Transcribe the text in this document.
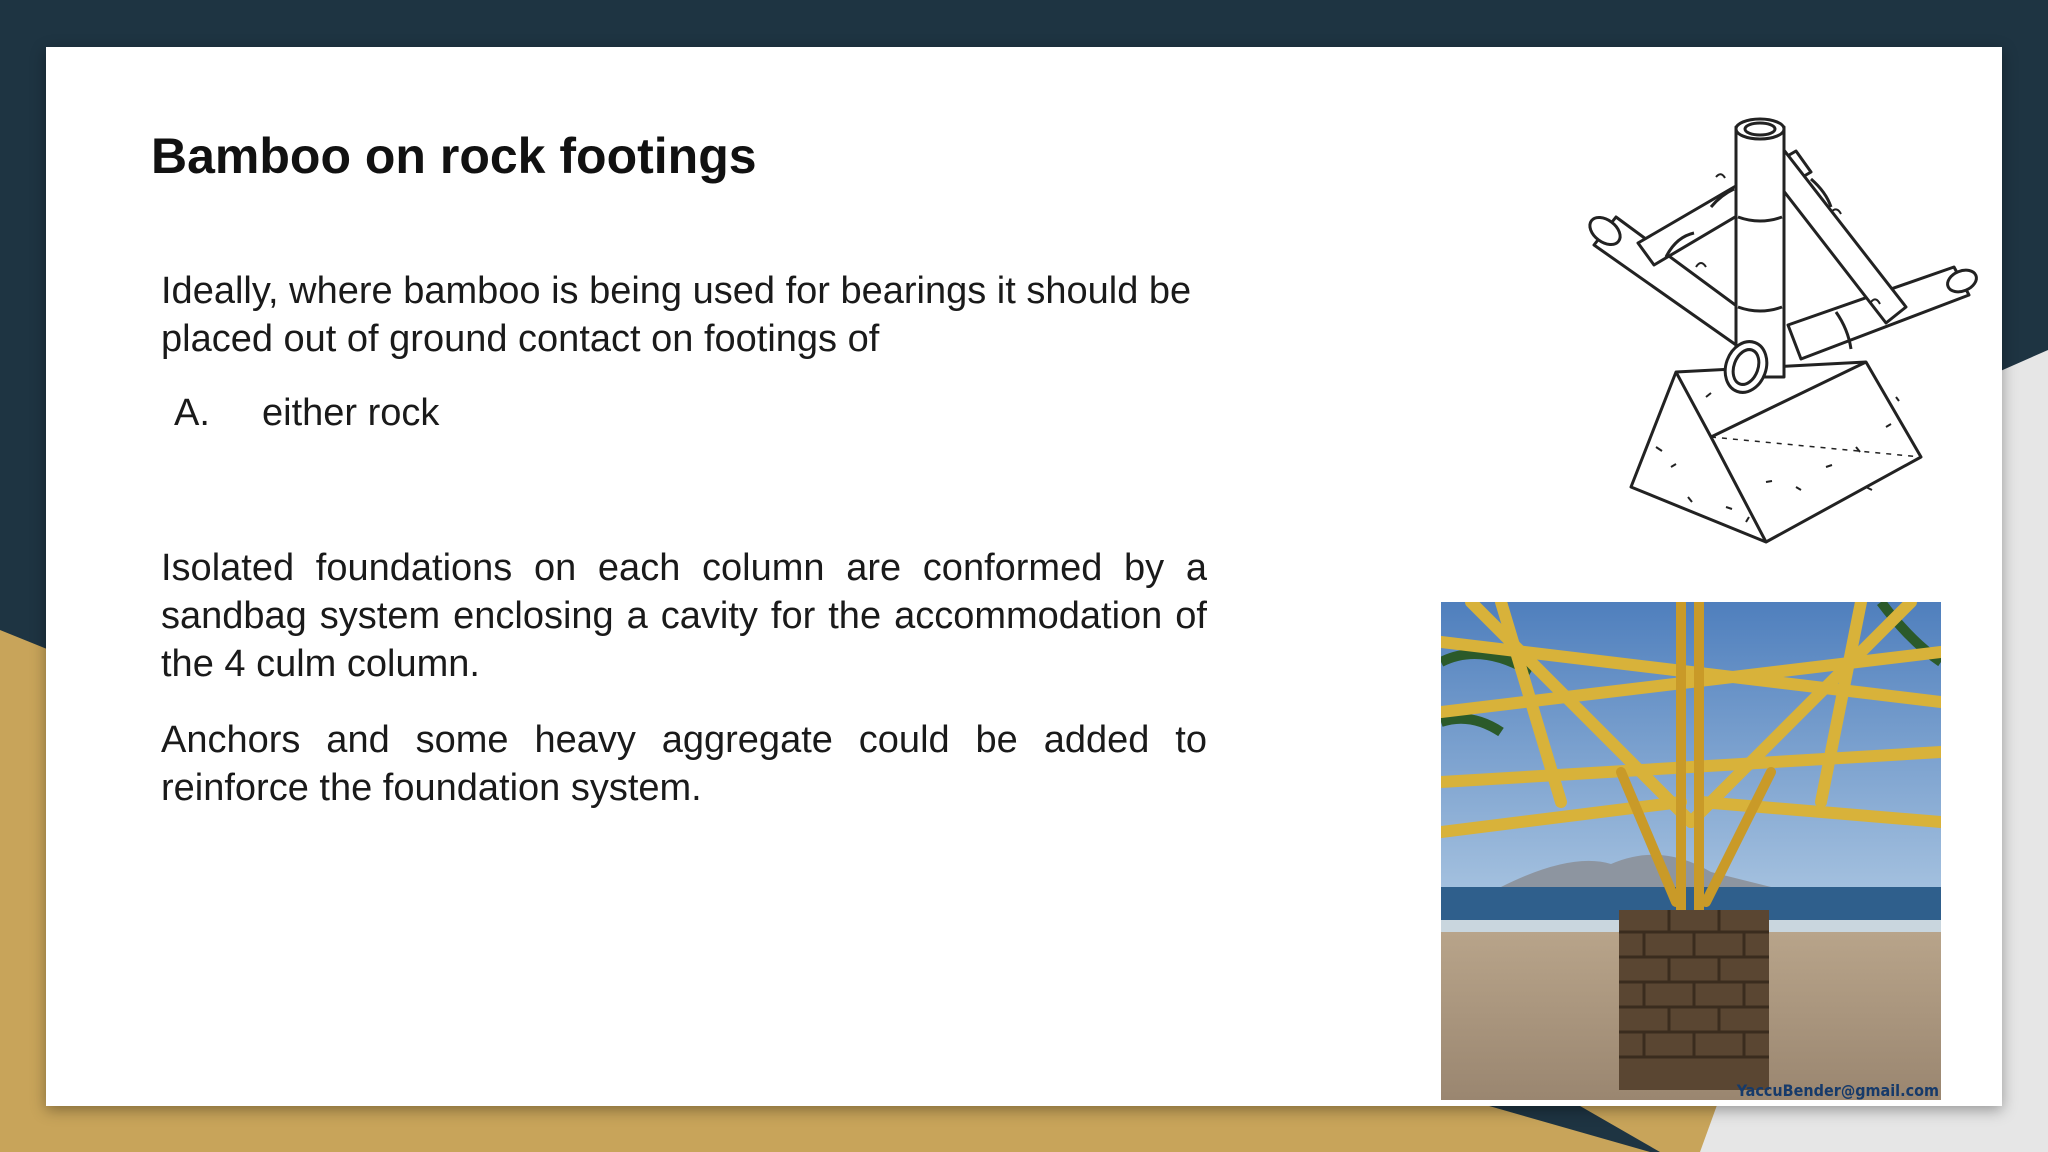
Bamboo on rock footings

Ideally, where bamboo is being used for bearings it should be placed out of ground contact on footings of

A. either rock

Isolated foundations on each column are conformed by a sandbag system enclosing a cavity for the accommodation of the 4 culm column.

Anchors and some heavy aggregate could be added to reinforce the foundation system.

YaccuBender@gmail.com
